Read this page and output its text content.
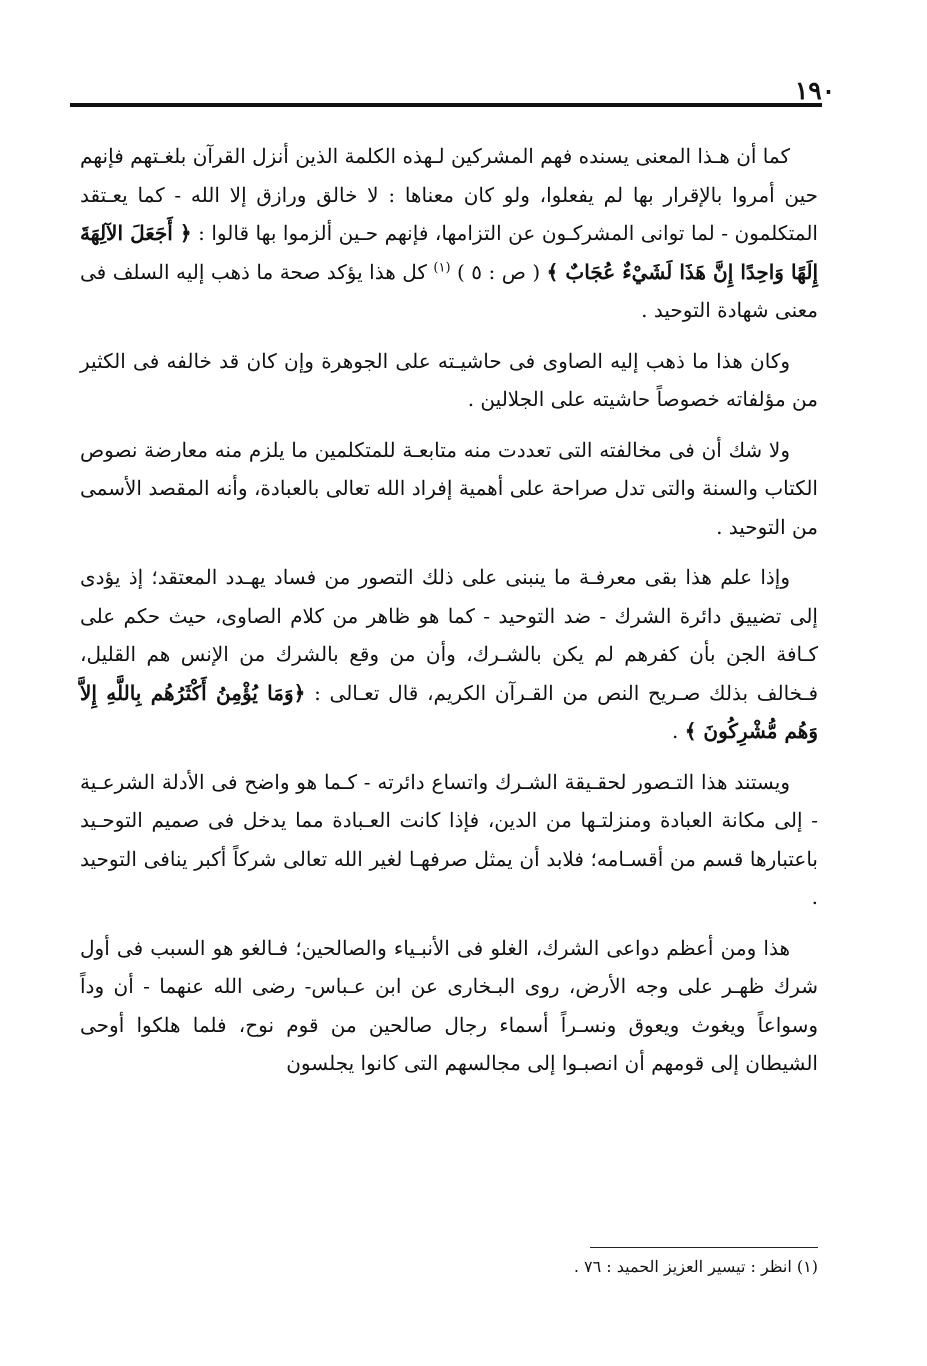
١٩٠

كما أن هـذا المعنى يسنده فهم المشركين لـهذه الكلمة الذين أنزل القرآن بلغـتهم فإنهم حين أمروا بالإقرار بها لم يفعلوا، ولو كان معناها : لا خالق ورازق إلا الله - كما يعـتقد المتكلمون - لما توانى المشركـون عن التزامها، فإنهم حـين ألزموا بها قالوا : ﴿ أَجَعَلَ الآلِهَةَ إِلَهًا وَاحِدًا إِنَّ هَذَا لَشَيْءٌ عُجَابٌ ﴾ ( ص : ٥ ) $^{(١)}$ كل هذا يؤكد صحة ما ذهب إليه السلف فى معنى شهادة التوحيد .

وكان هذا ما ذهب إليه الصاوى فى حاشيـته على الجوهرة وإن كان قد خالفه فى الكثير من مؤلفاته خصوصاً حاشيته على الجلالين .

ولا شك أن فى مخالفته التى تعددت منه متابعـة للمتكلمين ما يلزم منه معارضة نصوص الكتاب والسنة والتى تدل صراحة على أهمية إفراد الله تعالى بالعبادة، وأنه المقصد الأسمى من التوحيد .

وإذا علم هذا بقى معرفـة ما ينبنى على ذلك التصور من فساد يهـدد المعتقد؛ إذ يؤدى إلى تضييق دائرة الشرك - ضد التوحيد - كما هو ظاهر من كلام الصاوى، حيث حكم على كـافة الجن بأن كفرهم لم يكن بالشـرك، وأن من وقع بالشرك من الإنس هم القليل، فـخالف بذلك صـريح النص من القـرآن الكريم، قال تعـالى : ﴿وَمَا يُؤْمِنُ أَكْثَرُهُم بِاللَّهِ إِلاَّ وَهُم مُّشْرِكُونَ ﴾ .

ويستند هذا التـصور لحقـيقة الشـرك واتساع دائرته - كـما هو واضح فى الأدلة الشرعـية - إلى مكانة العبادة ومنزلتـها من الدين، فإذا كانت العـبادة مما يدخل فى صميم التوحـيد باعتبارها قسم من أقسـامه؛ فلابد أن يمثل صرفهـا لغير الله تعالى شركاً أكبر ينافى التوحيد .

هذا ومن أعظم دواعى الشرك، الغلو فى الأنبـياء والصالحين؛ فـالغو هو السبب فى أول شرك ظهـر على وجه الأرض، روى البـخارى عن ابن عـباس- رضى الله عنهما - أن وداً وسواعاً ويغوث ويعوق ونسـراً أسماء رجال صالحين من قوم نوح، فلما هلكوا أوحى الشيطان إلى قومهم أن انصبـوا إلى مجالسهم التى كانوا يجلسون

(١) انظر : تيسير العزيز الحميد : ٧٦ .
